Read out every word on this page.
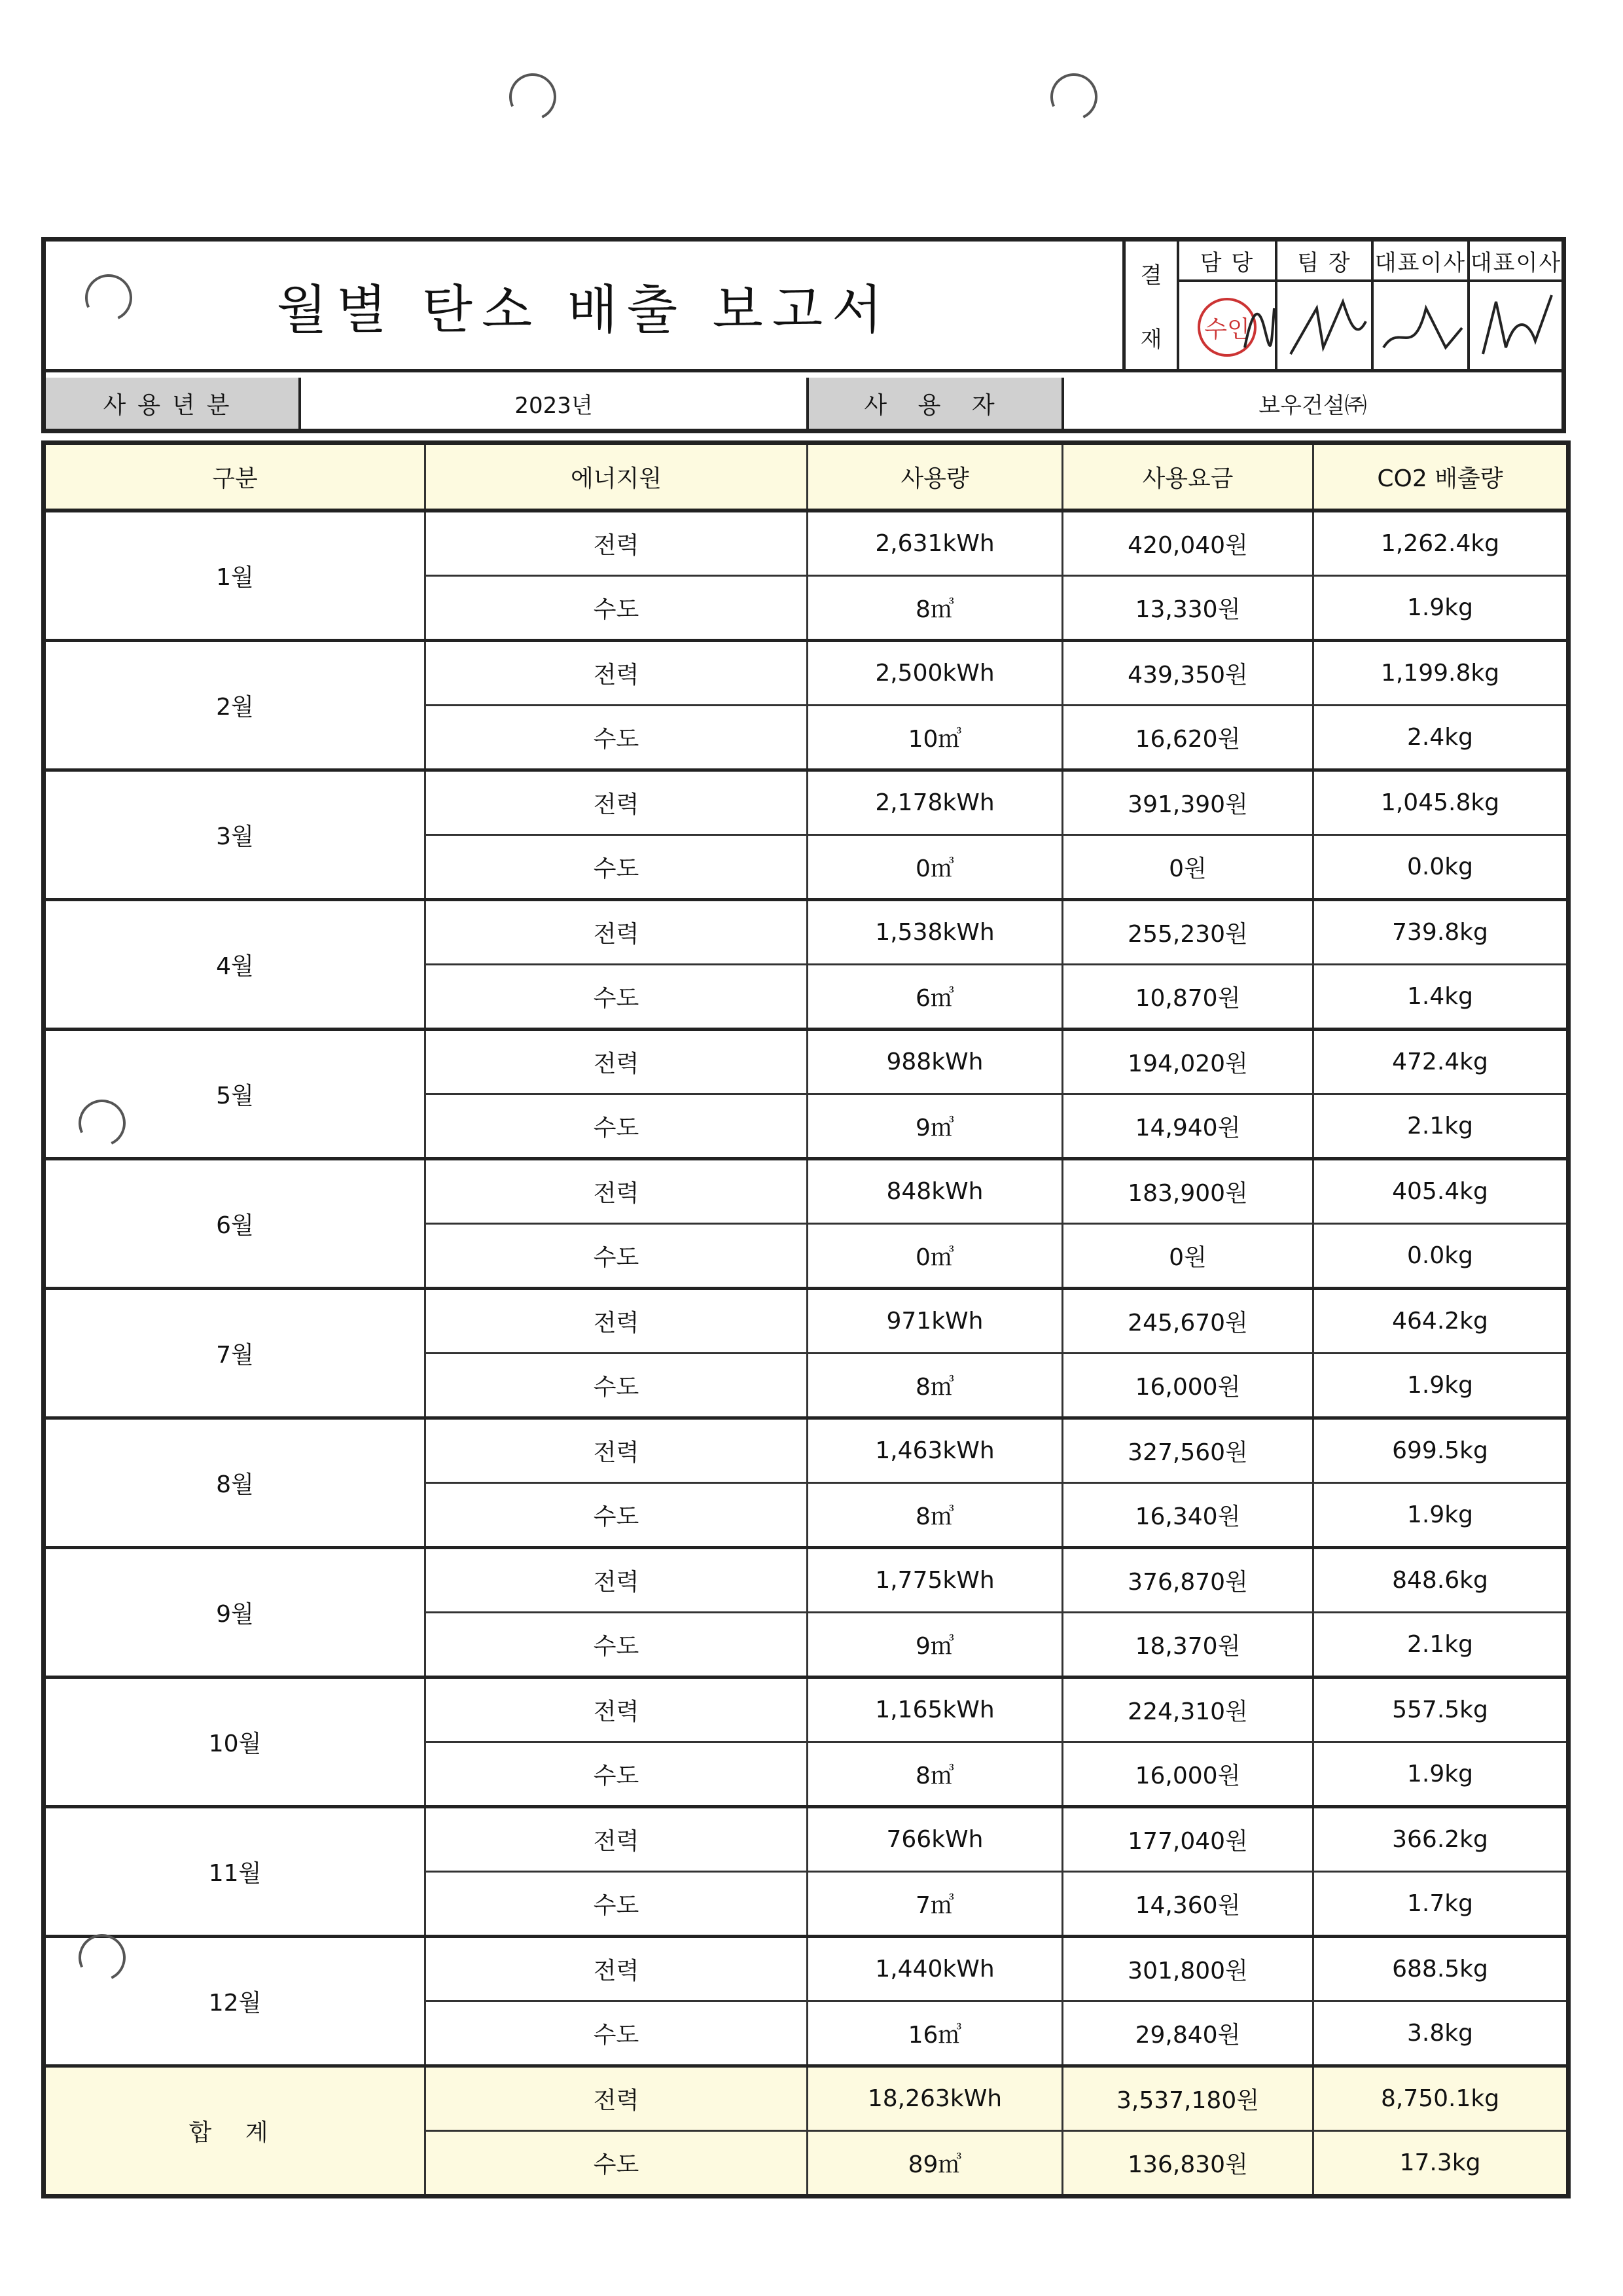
월별 탄소 배출 보고서
결
재
담 당
수인
팀 장	대표이사 대표이사
사용년분	2023년	사 용 자	보우건설㈜
구분	에너지원	사용량	사용요금	CO2 배출량
1월	전력	2,631kWh	420,040원	1,262.4kg
	수도	8㎥	13,330원	1.9kg
2월	전력	2,500kWh	439,350원	1,199.8kg
	수도	10㎥	16,620원	2.4kg
3월	전력	2,178kWh	391,390원	1,045.8kg
	수도	0㎥	0원	0.0kg
4월	전력	1,538kWh	255,230원	739.8kg
	수도	6㎥	10,870원	1.4kg
5월	전력	988kWh	194,020원	472.4kg
	수도	9㎥	14,940원	2.1kg
6월	전력	848kWh	183,900원	405.4kg
	수도	0㎥	0원	0.0kg
7월	전력	971kWh	245,670원	464.2kg
	수도	8㎥	16,000원	1.9kg
8월	전력	1,463kWh	327,560원	699.5kg
	수도	8㎥	16,340원	1.9kg
9월	전력	1,775kWh	376,870원	848.6kg
	수도	9㎥	18,370원	2.1kg
10월	전력	1,165kWh	224,310원	557.5kg
	수도	8㎥	16,000원	1.9kg
11월	전력	766kWh	177,040원	366.2kg
	수도	7㎥	14,360원	1.7kg
12월	전력	1,440kWh	301,800원	688.5kg
	수도	16㎥	29,840원	3.8kg
합 계	전력	18,263kWh	3,537,180원	8,750.1kg
	수도	89㎥	136,830원	17.3kg
